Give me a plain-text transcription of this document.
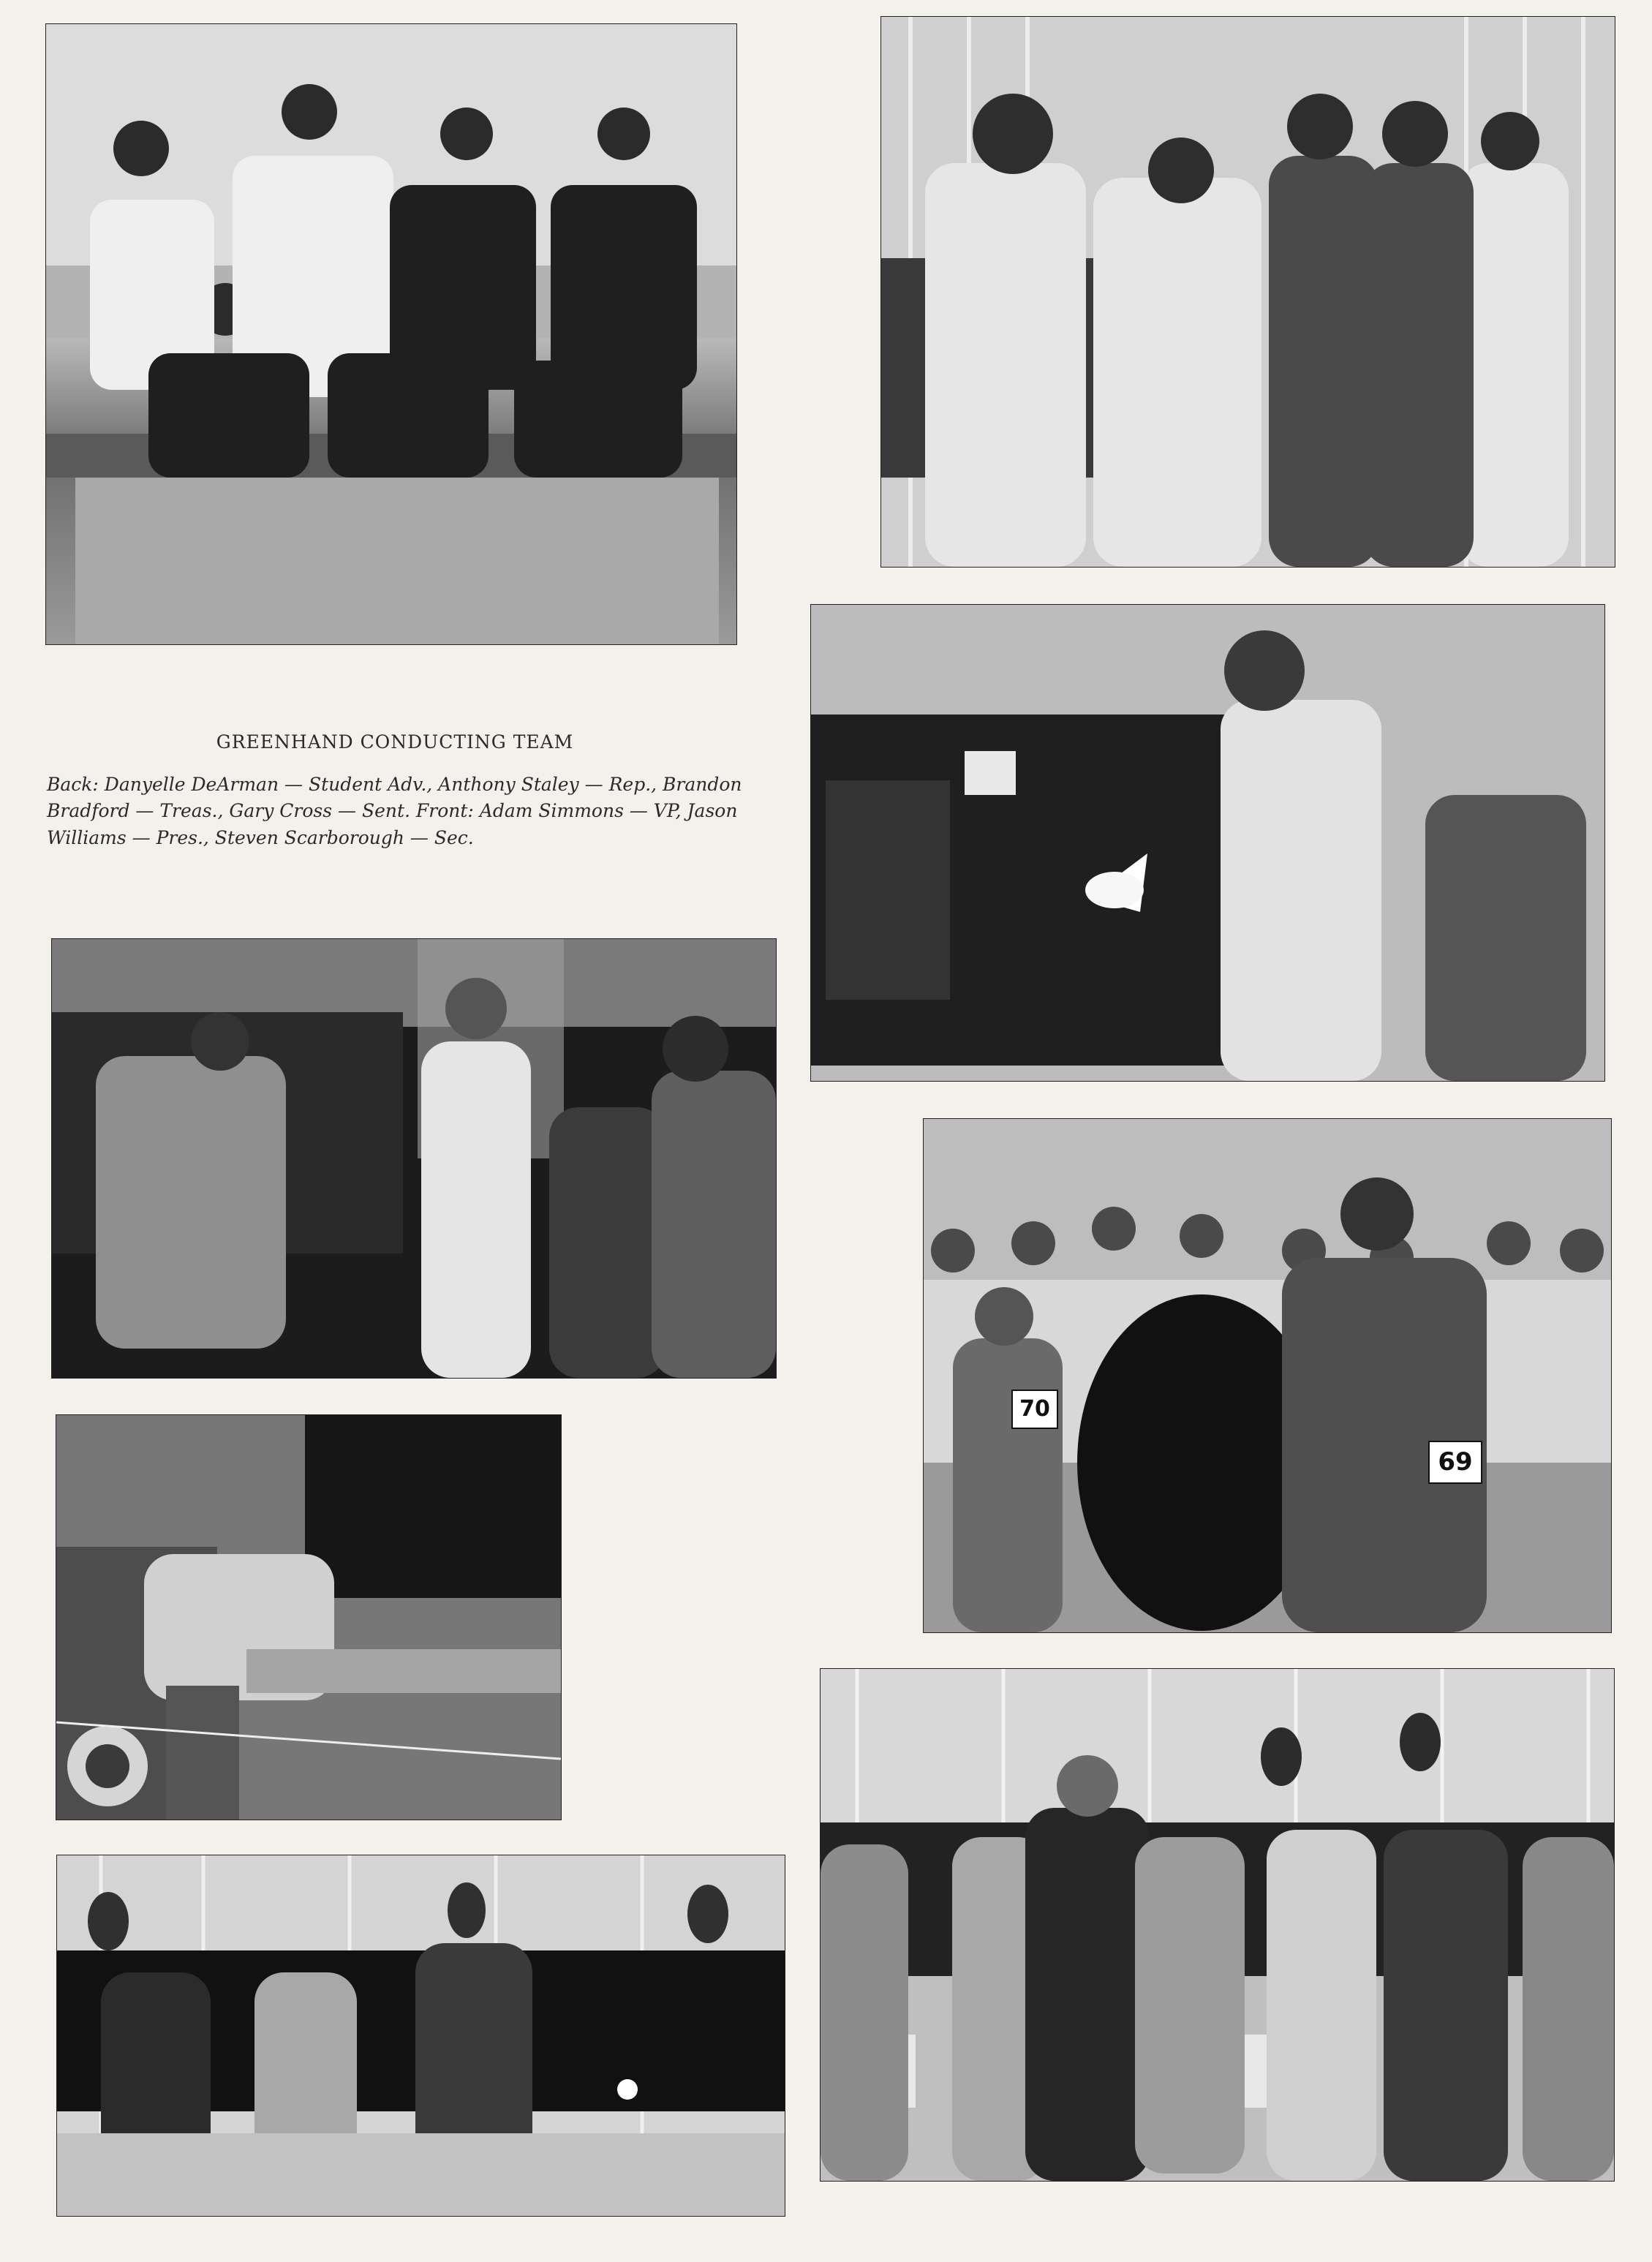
70
69
GREENHAND CONDUCTING TEAM
Back: Danyelle DeArman — Student Adv., Anthony Staley — Rep., Brandon Bradford — Treas., Gary Cross — Sent. Front: Adam Simmons — VP, Jason Williams — Pres., Steven Scarborough — Sec.
